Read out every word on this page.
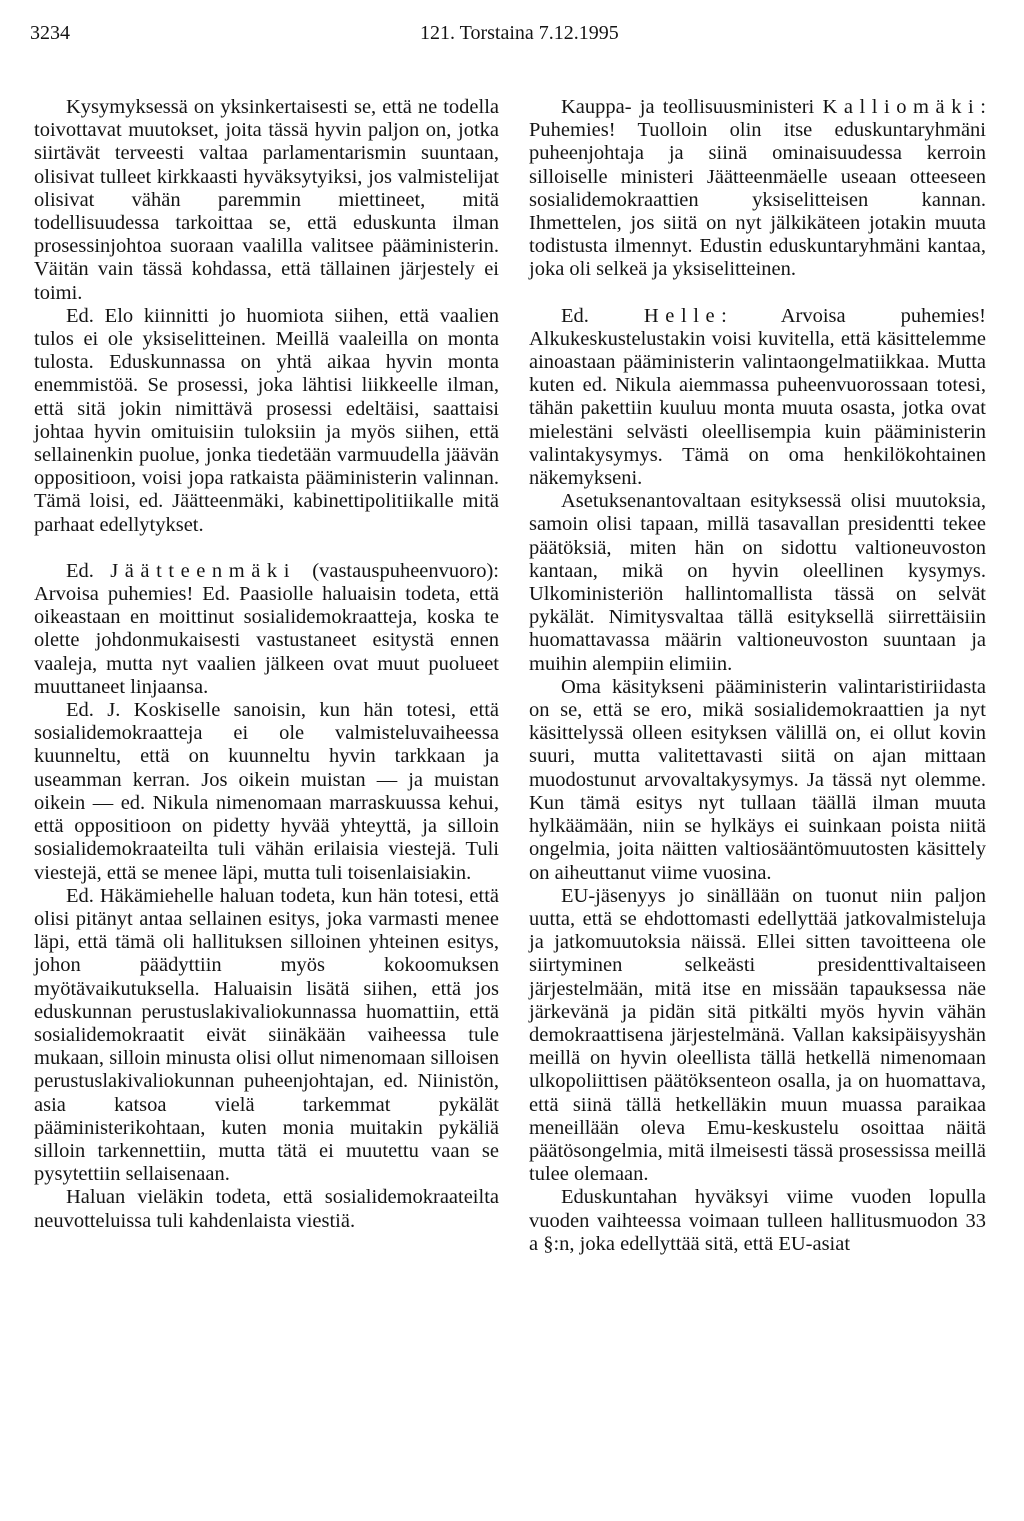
3234	121. Torstaina 7.12.1995

Kysymyksessä on yksinkertaisesti se, että ne todella toivottavat muutokset, joita tässä hyvin paljon on, jotka siirtävät terveesti valtaa parlamentarismin suuntaan, olisivat tulleet kirkkaasti hyväksytyiksi, jos valmistelijat olisivat vähän paremmin miettineet, mitä todellisuudessa tarkoittaa se, että eduskunta ilman prosessinjohtoa suoraan vaalilla valitsee pääministerin. Väitän vain tässä kohdassa, että tällainen järjestely ei toimi.

Ed. Elo kiinnitti jo huomiota siihen, että vaalien tulos ei ole yksiselitteinen. Meillä vaaleilla on monta tulosta. Eduskunnassa on yhtä aikaa hyvin monta enemmistöä. Se prosessi, joka lähtisi liikkeelle ilman, että sitä jokin nimittävä prosessi edeltäisi, saattaisi johtaa hyvin omituisiin tuloksiin ja myös siihen, että sellainenkin puolue, jonka tiedetään varmuudella jäävän oppositioon, voisi jopa ratkaista pääministerin valinnan. Tämä loisi, ed. Jäätteenmäki, kabinettipolitiikalle mitä parhaat edellytykset.

Ed. Jäätteenmäki (vastauspuheenvuoro): Arvoisa puhemies! Ed. Paasiolle haluaisin todeta, että oikeastaan en moittinut sosialidemokraatteja, koska te olette johdonmukaisesti vastustaneet esitystä ennen vaaleja, mutta nyt vaalien jälkeen ovat muut puolueet muuttaneet linjaansa.

Ed. J. Koskiselle sanoisin, kun hän totesi, että sosialidemokraatteja ei ole valmisteluvaiheessa kuunneltu, että on kuunneltu hyvin tarkkaan ja useamman kerran. Jos oikein muistan — ja muistan oikein — ed. Nikula nimenomaan marraskuussa kehui, että oppositioon on pidetty hyvää yhteyttä, ja silloin sosialidemokraateilta tuli vähän erilaisia viestejä. Tuli viestejä, että se menee läpi, mutta tuli toisenlaisiakin.

Ed. Häkämiehelle haluan todeta, kun hän totesi, että olisi pitänyt antaa sellainen esitys, joka varmasti menee läpi, että tämä oli hallituksen silloinen yhteinen esitys, johon päädyttiin myös kokoomuksen myötävaikutuksella. Haluaisin lisätä siihen, että jos eduskunnan perustuslakivaliokunnassa huomattiin, että sosialidemokraatit eivät siinäkään vaiheessa tule mukaan, silloin minusta olisi ollut nimenomaan silloisen perustuslakivaliokunnan puheenjohtajan, ed. Niinistön, asia katsoa vielä tarkemmat pykälät pääministerikohtaan, kuten monia muitakin pykäliä silloin tarkennettiin, mutta tätä ei muutettu vaan se pysytettiin sellaisenaan.

Haluan vieläkin todeta, että sosialidemokraateilta neuvotteluissa tuli kahdenlaista viestiä.

Kauppa- ja teollisuusministeri Kalliomäki: Puhemies! Tuolloin olin itse eduskuntaryhmäni puheenjohtaja ja siinä ominaisuudessa kerroin silloiselle ministeri Jäätteenmäelle useaan otteeseen sosialidemokraattien yksiselitteisen kannan. Ihmettelen, jos siitä on nyt jälkikäteen jotakin muuta todistusta ilmennyt. Edustin eduskuntaryhmäni kantaa, joka oli selkeä ja yksiselitteinen.

Ed.	Helle: Arvoisa puhemies! Alkukeskustelustakin voisi kuvitella, että käsittelemme ainoastaan pääministerin valintaongelmatiikkaa. Mutta kuten ed. Nikula aiemmassa puheenvuorossaan totesi, tähän pakettiin kuuluu monta muuta osasta, jotka ovat mielestäni selvästi oleellisempia kuin pääministerin valintakysymys. Tämä on oma henkilökohtainen näkemykseni.

Asetuksenantovaltaan esityksessä olisi muutoksia, samoin olisi tapaan, millä tasavallan presidentti tekee päätöksiä, miten hän on sidottu valtioneuvoston kantaan, mikä on hyvin oleellinen kysymys. Ulkoministeriön hallintomallista tässä on selvät pykälät. Nimitysvaltaa tällä esityksellä siirrettäisiin huomattavassa määrin valtioneuvoston suuntaan ja muihin alempiin elimiin.

Oma käsitykseni pääministerin valintaristiriidasta on se, että se ero, mikä sosialidemokraattien ja nyt käsittelyssä olleen esityksen välillä on, ei ollut kovin suuri, mutta valitettavasti siitä on ajan mittaan muodostunut arvovaltakysymys. Ja tässä nyt olemme. Kun tämä esitys nyt tullaan täällä ilman muuta hylkäämään, niin se hylkäys ei suinkaan poista niitä ongelmia, joita näitten valtiosääntömuutosten käsittely on aiheuttanut viime vuosina.

EU-jäsenyys jo sinällään on tuonut niin paljon uutta, että se ehdottomasti edellyttää jatkovalmisteluja ja jatkomuutoksia näissä. Ellei sitten tavoitteena ole siirtyminen selkeästi presidenttivaltaiseen järjestelmään, mitä itse en missään tapauksessa näe järkevänä ja pidän sitä pitkälti myös hyvin vähän demokraattisena järjestelmänä. Vallan kaksipäisyyshän meillä on hyvin oleellista tällä hetkellä nimenomaan ulkopoliittisen päätöksenteon osalla, ja on huomattava, että siinä tällä hetkelläkin muun muassa paraikaa meneillään oleva Emu-keskustelu osoittaa näitä päätösongelmia, mitä ilmeisesti tässä prosessissa meillä tulee olemaan.

Eduskuntahan hyväksyi viime vuoden lopulla vuoden vaihteessa voimaan tulleen hallitusmuodon 33 a §:n, joka edellyttää sitä, että EU-asiat
